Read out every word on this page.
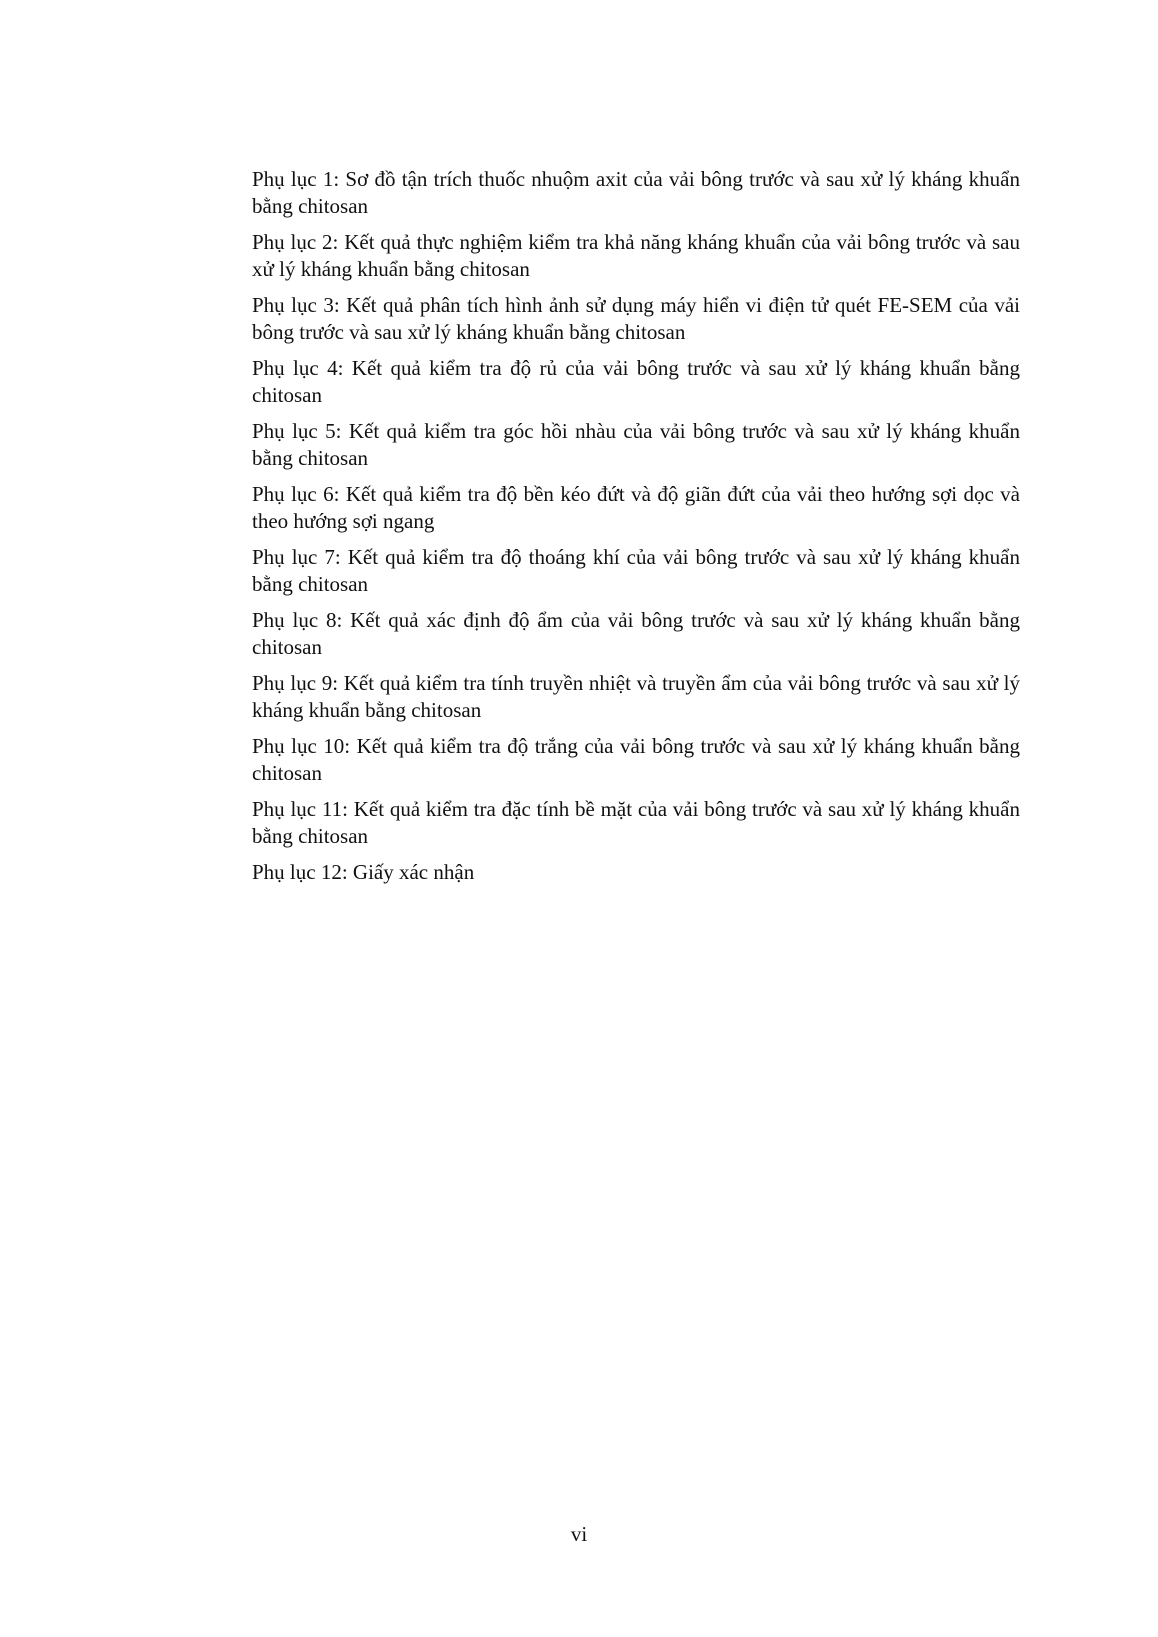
Phụ lục 1: Sơ đồ tận trích thuốc nhuộm axit của vải bông trước và sau xử lý kháng khuẩn bằng chitosan
Phụ lục 2: Kết quả thực nghiệm kiểm tra khả năng kháng khuẩn của vải bông trước và sau xử lý kháng khuẩn bằng chitosan
Phụ lục 3: Kết quả phân tích hình ảnh sử dụng máy hiển vi điện tử quét FE-SEM của vải bông trước và sau xử lý kháng khuẩn bằng chitosan
Phụ lục 4: Kết quả kiểm tra độ rủ của vải bông trước và sau xử lý kháng khuẩn bằng chitosan
Phụ lục 5: Kết quả kiểm tra góc hồi nhàu của vải bông trước và sau xử lý kháng khuẩn bằng chitosan
Phụ lục 6: Kết quả kiểm tra độ bền kéo đứt và độ giãn đứt của vải theo hướng sợi dọc và theo hướng sợi ngang
Phụ lục 7: Kết quả kiểm tra độ thoáng khí của vải bông trước và sau xử lý kháng khuẩn bằng chitosan
Phụ lục 8: Kết quả xác định độ ẩm của vải bông trước và sau xử lý kháng khuẩn bằng chitosan
Phụ lục 9: Kết quả kiểm tra tính truyền nhiệt và truyền ẩm của vải bông trước và sau xử lý kháng khuẩn bằng chitosan
Phụ lục 10: Kết quả kiểm tra độ trắng của vải bông trước và sau xử lý kháng khuẩn bằng chitosan
Phụ lục 11: Kết quả kiểm tra đặc tính bề mặt của vải bông trước và sau xử lý kháng khuẩn bằng chitosan
Phụ lục 12: Giấy xác nhận
vi
